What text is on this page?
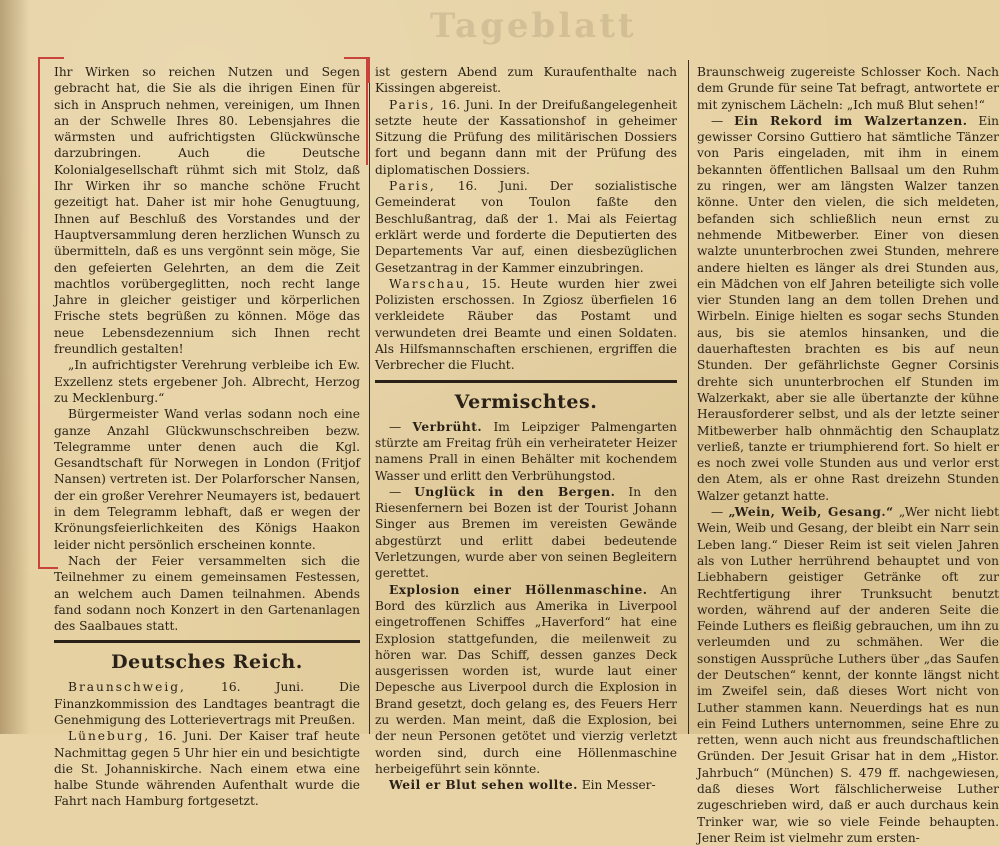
Tageblatt

Ihr Wirken so reichen Nutzen und Segen gebracht hat, die Sie als die ihrigen Einen für sich in Anspruch nehmen, vereinigen, um Ihnen an der Schwelle Ihres 80. Lebensjahres die wärmsten und aufrichtigsten Glückwünsche darzubringen. Auch die Deutsche Kolonialgesellschaft rühmt sich mit Stolz, daß Ihr Wirken ihr so manche schöne Frucht gezeitigt hat. Daher ist mir hohe Genugtuung, Ihnen auf Beschluß des Vorstandes und der Hauptversammlung deren herzlichen Wunsch zu übermitteln, daß es uns vergönnt sein möge, Sie den gefeierten Gelehrten, an dem die Zeit machtlos vorübergeglitten, noch recht lange Jahre in gleicher geistiger und körperlichen Frische stets begrüßen zu können. Möge das neue Lebensdezennium sich Ihnen recht freundlich gestalten!

„In aufrichtigster Verehrung verbleibe ich Ew. Exzellenz stets ergebener Joh. Albrecht, Herzog zu Mecklenburg.“

Bürgermeister Wand verlas sodann noch eine ganze Anzahl Glückwunschschreiben bezw. Telegramme unter denen auch die Kgl. Gesandtschaft für Norwegen in London (Fritjof Nansen) vertreten ist. Der Polarforscher Nansen, der ein großer Verehrer Neumayers ist, bedauert in dem Telegramm lebhaft, daß er wegen der Krönungsfeierlichkeiten des Königs Haakon leider nicht persönlich erscheinen konnte.

Nach der Feier versammelten sich die Teilnehmer zu einem gemeinsamen Festessen, an welchem auch Damen teilnahmen. Abends fand sodann noch Konzert in den Gartenanlagen des Saalbaues statt.

Deutsches Reich.

Braunschweig, 16. Juni. Die Finanzkommission des Landtages beantragt die Genehmigung des Lotterievertrags mit Preußen.

Lüneburg, 16. Juni. Der Kaiser traf heute Nachmittag gegen 5 Uhr hier ein und besichtigte die St. Johanniskirche. Nach einem etwa eine halbe Stunde währenden Aufenthalt wurde die Fahrt nach Hamburg fortgesetzt.

ist gestern Abend zum Kuraufenthalte nach Kissingen abgereist.

Paris, 16. Juni. In der Dreifußangelegenheit setzte heute der Kassationshof in geheimer Sitzung die Prüfung des militärischen Dossiers fort und begann dann mit der Prüfung des diplomatischen Dossiers.

Paris, 16. Juni. Der sozialistische Gemeinderat von Toulon faßte den Beschlußantrag, daß der 1. Mai als Feiertag erklärt werde und forderte die Deputierten des Departements Var auf, einen diesbezüglichen Gesetzantrag in der Kammer einzubringen.

Warschau, 15. Heute wurden hier zwei Polizisten erschossen. In Zgiosz überfielen 16 verkleidete Räuber das Postamt und verwundeten drei Beamte und einen Soldaten. Als Hilfsmannschaften erschienen, ergriffen die Verbrecher die Flucht.

Vermischtes.

— Verbrüht. Im Leipziger Palmengarten stürzte am Freitag früh ein verheirateter Heizer namens Prall in einen Behälter mit kochendem Wasser und erlitt den Verbrühungstod.

— Unglück in den Bergen. In den Riesenfernern bei Bozen ist der Tourist Johann Singer aus Bremen im vereisten Gewände abgestürzt und erlitt dabei bedeutende Verletzungen, wurde aber von seinen Begleitern gerettet.

Explosion einer Höllenmaschine. An Bord des kürzlich aus Amerika in Liverpool eingetroffenen Schiffes „Haverford“ hat eine Explosion stattgefunden, die meilenweit zu hören war. Das Schiff, dessen ganzes Deck ausgerissen worden ist, wurde laut einer Depesche aus Liverpool durch die Explosion in Brand gesetzt, doch gelang es, des Feuers Herr zu werden. Man meint, daß die Explosion, bei der neun Personen getötet und vierzig verletzt worden sind, durch eine Höllenmaschine herbeigeführt sein könnte.

Weil er Blut sehen wollte. Ein Messer-

Braunschweig zugereiste Schlosser Koch. Nach dem Grunde für seine Tat befragt, antwortete er mit zynischem Lächeln: „Ich muß Blut sehen!“

— Ein Rekord im Walzertanzen. Ein gewisser Corsino Guttiero hat sämtliche Tänzer von Paris eingeladen, mit ihm in einem bekannten öffentlichen Ballsaal um den Ruhm zu ringen, wer am längsten Walzer tanzen könne. Unter den vielen, die sich meldeten, befanden sich schließlich neun ernst zu nehmende Mitbewerber. Einer von diesen walzte ununterbrochen zwei Stunden, mehrere andere hielten es länger als drei Stunden aus, ein Mädchen von elf Jahren beteiligte sich volle vier Stunden lang an dem tollen Drehen und Wirbeln. Einige hielten es sogar sechs Stunden aus, bis sie atemlos hinsanken, und die dauerhaftesten brachten es bis auf neun Stunden. Der gefährlichste Gegner Corsinis drehte sich ununterbrochen elf Stunden im Walzerkakt, aber sie alle übertanzte der kühne Herausforderer selbst, und als der letzte seiner Mitbewerber halb ohnmächtig den Schauplatz verließ, tanzte er triumphierend fort. So hielt er es noch zwei volle Stunden aus und verlor erst den Atem, als er ohne Rast dreizehn Stunden Walzer getanzt hatte.

— „Wein, Weib, Gesang.“ „Wer nicht liebt Wein, Weib und Gesang, der bleibt ein Narr sein Leben lang.“ Dieser Reim ist seit vielen Jahren als von Luther herrührend behauptet und von Liebhabern geistiger Getränke oft zur Rechtfertigung ihrer Trunksucht benutzt worden, während auf der anderen Seite die Feinde Luthers es fleißig gebrauchen, um ihn zu verleumden und zu schmähen. Wer die sonstigen Aussprüche Luthers über „das Saufen der Deutschen“ kennt, der konnte längst nicht im Zweifel sein, daß dieses Wort nicht von Luther stammen kann. Neuerdings hat es nun ein Feind Luthers unternommen, seine Ehre zu retten, wenn auch nicht aus freundschaftlichen Gründen. Der Jesuit Grisar hat in dem „Histor. Jahrbuch“ (München) S. 479 ff. nachgewiesen, daß dieses Wort fälschlicherweise Luther zugeschrieben wird, daß er auch durchaus kein Trinker war, wie so viele Feinde behaupten. Jener Reim ist vielmehr zum ersten-
